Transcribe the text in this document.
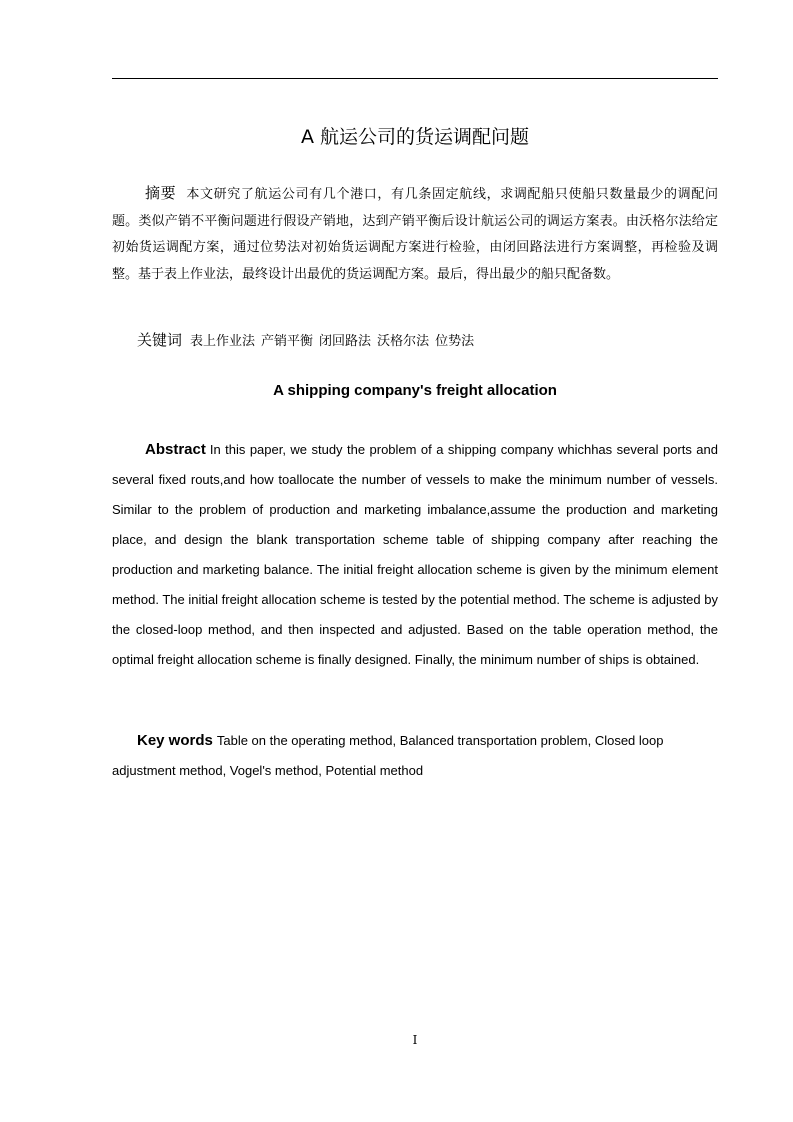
A 航运公司的货运调配问题

摘要 本文研究了航运公司有几个港口，有几条固定航线，求调配船只使船只数量最少的调配问题。类似产销不平衡问题进行假设产销地，达到产销平衡后设计航运公司的调运方案表。由沃格尔法给定初始货运调配方案，通过位势法对初始货运调配方案进行检验，由闭回路法进行方案调整，再检验及调整。基于表上作业法，最终设计出最优的货运调配方案。最后，得出最少的船只配备数。

关键词 表上作业法 产销平衡 闭回路法 沃格尔法 位势法

A shipping company's freight allocation

Abstract In this paper, we study the problem of a shipping company whichhas several ports and several fixed routs,and how toallocate the number of vessels to make the minimum number of vessels. Similar to the problem of production and marketing imbalance,assume the production and marketing place, and design the blank transportation scheme table of shipping company after reaching the production and marketing balance. The initial freight allocation scheme is given by the minimum element method. The initial freight allocation scheme is tested by the potential method. The scheme is adjusted by the closed-loop method, and then inspected and adjusted. Based on the table operation method, the optimal freight allocation scheme is finally designed. Finally, the minimum number of ships is obtained.

Key words Table on the operating method, Balanced transportation problem, Closed loop adjustment method, Vogel's method, Potential method

I
